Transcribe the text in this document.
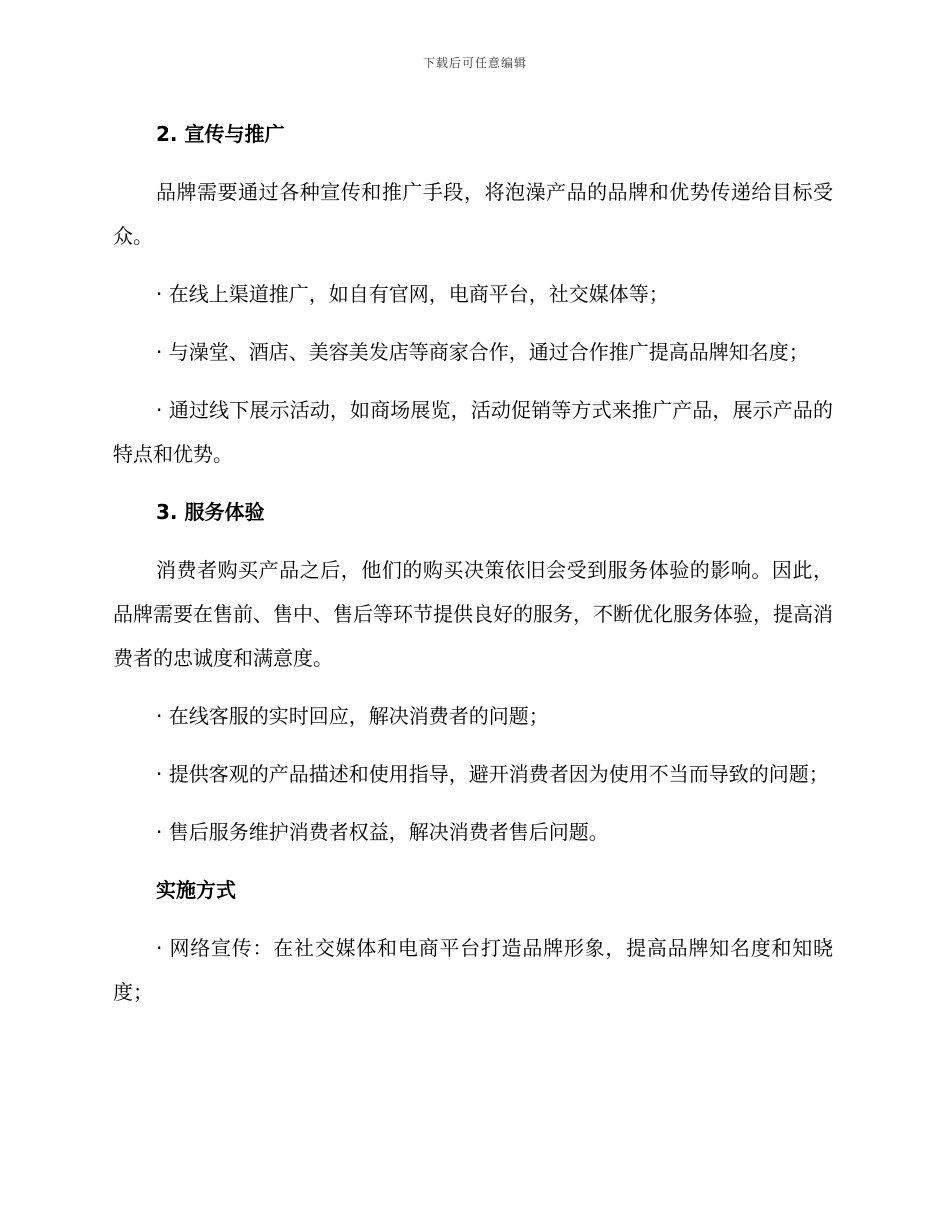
下载后可任意编辑

2. 宣传与推广

品牌需要通过各种宣传和推广手段，将泡澡产品的品牌和优势传递给目标受众。

· 在线上渠道推广，如自有官网，电商平台，社交媒体等；

· 与澡堂、酒店、美容美发店等商家合作，通过合作推广提高品牌知名度；

· 通过线下展示活动，如商场展览，活动促销等方式来推广产品，展示产品的特点和优势。

3. 服务体验

消费者购买产品之后，他们的购买决策依旧会受到服务体验的影响。因此，品牌需要在售前、售中、售后等环节提供良好的服务，不断优化服务体验，提高消费者的忠诚度和满意度。

· 在线客服的实时回应，解决消费者的问题；

· 提供客观的产品描述和使用指导，避开消费者因为使用不当而导致的问题；

· 售后服务维护消费者权益，解决消费者售后问题。

实施方式

· 网络宣传：在社交媒体和电商平台打造品牌形象，提高品牌知名度和知晓度；
